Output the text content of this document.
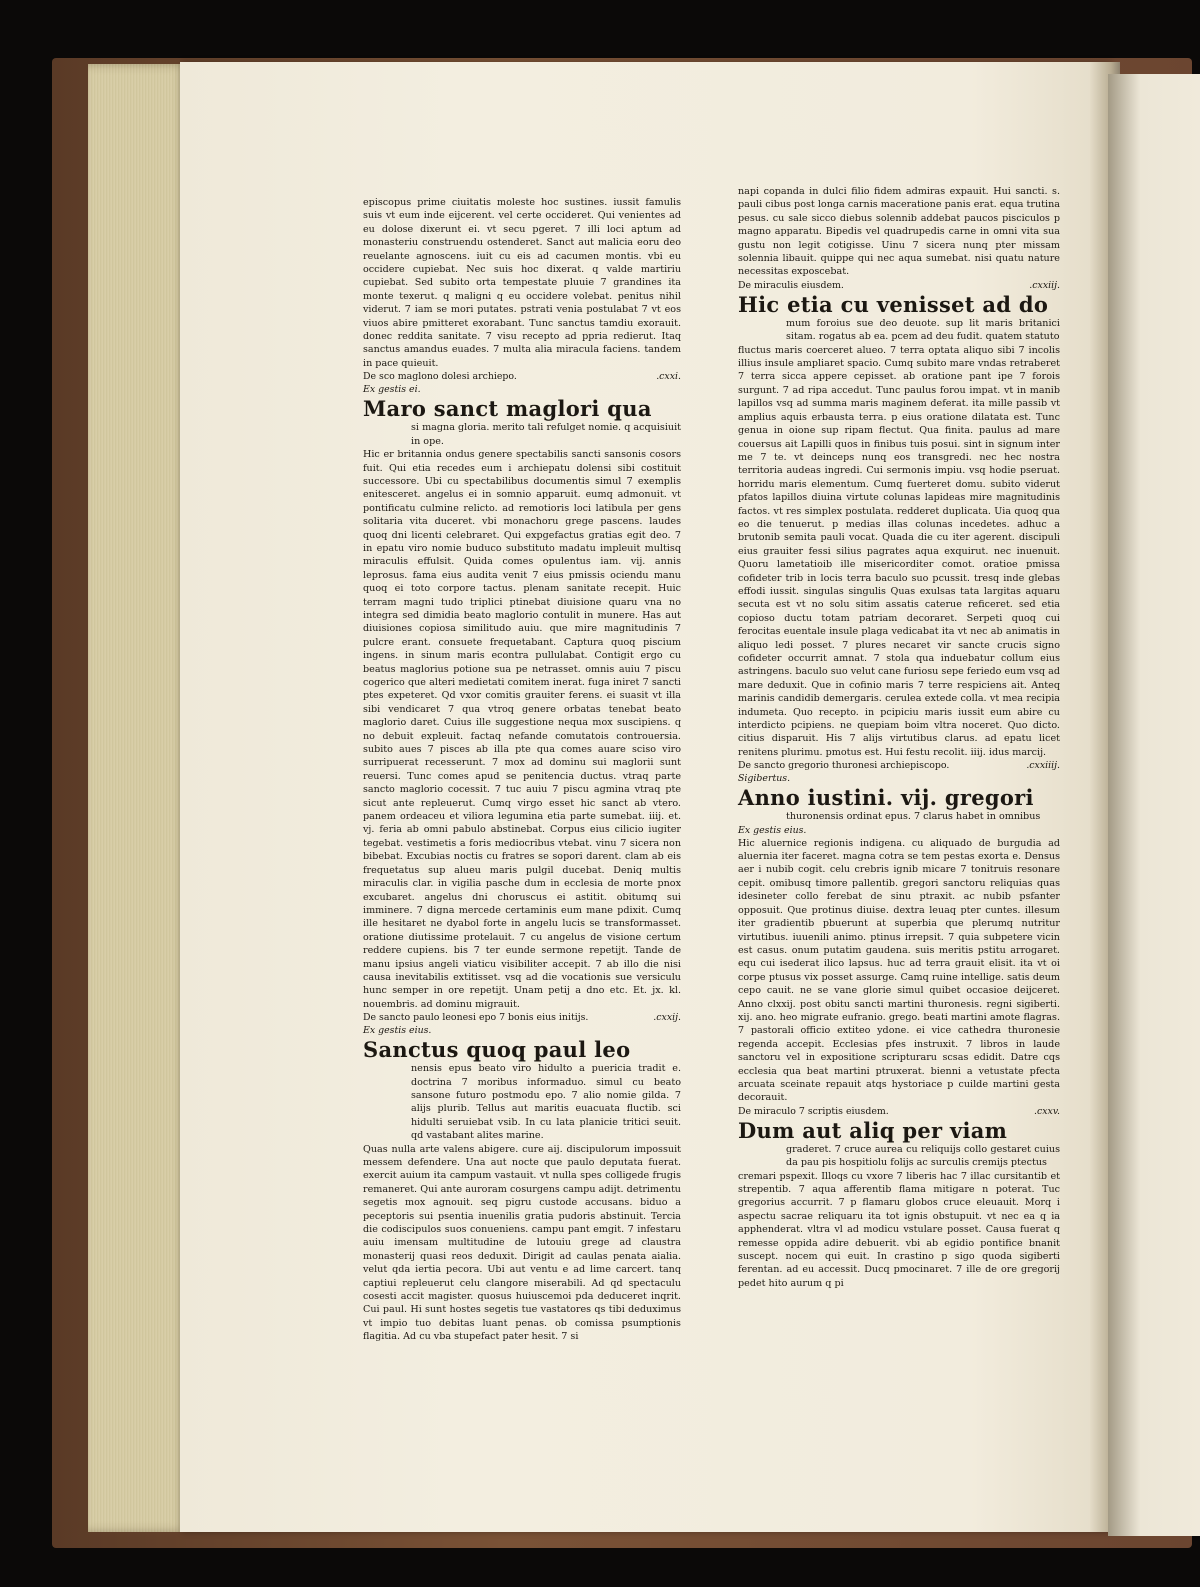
episcopus prime ciuitatis moleste hoc sustines. iussit famulis suis vt eum inde eijcerent. vel certe occideret. Qui venientes ad eu dolose dixerunt ei. vt secu pgeret. 7 illi loci aptum ad monasteriu construendu ostenderet. Sanct aut malicia eoru deo reuelante agnoscens. iuit cu eis ad cacumen montis. vbi eu occidere cupiebat. Nec suis hoc dixerat. q valde martiriu cupiebat. Sed subito orta tempestate pluuie 7 grandines ita monte texerut. q maligni q eu occidere volebat. penitus nihil viderut. 7 iam se mori putates. pstrati venia postulabat 7 vt eos viuos abire pmitteret exorabant. Tunc sanctus tamdiu exorauit. donec reddita sanitate. 7 visu recepto ad ppria redierut. Itaq sanctus amandus euades. 7 multa alia miracula faciens. tandem in pace quieuit.

De sco maglono dolesi archiepo.	.cxxi.

Ex gestis ei.

Maro sanct maglori qua

si magna gloria. merito tali refulget nomie. q acquisiuit in ope.

Hic er britannia ondus genere spectabilis sancti sansonis cosors fuit. Qui etia recedes eum i archiepatu dolensi sibi costituit successore. Ubi cu spectabilibus documentis simul 7 exemplis enitesceret. angelus ei in somnio apparuit. eumq admonuit. vt pontificatu culmine relicto. ad remotioris loci latibula per gens solitaria vita duceret. vbi monachoru grege pascens. laudes quoq dni licenti celebraret. Qui expgefactus gratias egit deo. 7 in epatu viro nomie buduco substituto madatu impleuit multisq miraculis effulsit. Quida comes opulentus iam. vij. annis leprosus. fama eius audita venit 7 eius pmissis ociendu manu quoq ei toto corpore tactus. plenam sanitate recepit. Huic terram magni tudo triplici ptinebat diuisione quaru vna no integra sed dimidia beato maglorio contulit in munere. Has aut diuisiones copiosa similitudo auiu. que mire magnitudinis 7 pulcre erant. consuete frequetabant. Captura quoq piscium ingens. in sinum maris econtra pullulabat. Contigit ergo cu beatus maglorius potione sua pe netrasset. omnis auiu 7 piscu cogerico que alteri medietati comitem inerat. fuga iniret 7 sancti ptes expeteret. Qd vxor comitis grauiter ferens. ei suasit vt illa sibi vendicaret 7 qua vtroq genere orbatas tenebat beato maglorio daret. Cuius ille suggestione nequa mox suscipiens. q no debuit expleuit. factaq nefande comutatois controuersia. subito aues 7 pisces ab illa pte qua comes auare sciso viro surripuerat recesserunt. 7 mox ad dominu sui maglorii sunt reuersi. Tunc comes apud se penitencia ductus. vtraq parte sancto maglorio cocessit. 7 tuc auiu 7 piscu agmina vtraq pte sicut ante repleuerut. Cumq virgo esset hic sanct ab vtero. panem ordeaceu et viliora legumina etia parte sumebat. iiij. et. vj. feria ab omni pabulo abstinebat. Corpus eius cilicio iugiter tegebat. vestimetis a foris mediocribus vtebat. vinu 7 sicera non bibebat. Excubias noctis cu fratres se sopori darent. clam ab eis frequetatus sup alueu maris pulgil ducebat. Deniq multis miraculis clar. in vigilia pasche dum in ecclesia de morte pnox excubaret. angelus dni choruscus ei astitit. obitumq sui imminere. 7 digna mercede certaminis eum mane pdixit. Cumq ille hesitaret ne dyabol forte in angelu lucis se transformasset. oratione diutissime protelauit. 7 cu angelus de visione certum reddere cupiens. bis 7 ter eunde sermone repetijt. Tande de manu ipsius angeli viaticu visibiliter accepit. 7 ab illo die nisi causa inevitabilis extitisset. vsq ad die vocationis sue versiculu hunc semper in ore repetijt. Unam petij a dno etc. Et. jx. kl. nouembris. ad dominu migrauit.

De sancto paulo leonesi epo 7 bonis eius initijs.	.cxxij.

Ex gestis eius.

Sanctus quoq paul leo

nensis epus beato viro hidulto a puericia tradit e. doctrina 7 moribus informaduo. simul cu beato sansone futuro postmodu epo. 7 alio nomie gilda. 7 alijs plurib. Tellus aut maritis euacuata fluctib. sci hidulti seruiebat vsib. In cu lata planicie tritici seuit. qd vastabant alites marine.

Quas nulla arte valens abigere. cure aij. discipulorum impossuit messem defendere. Una aut nocte que paulo deputata fuerat. exercit auium ita campum vastauit. vt nulla spes colligede frugis remaneret. Qui ante auroram cosurgens campu adijt. detrimentu segetis mox agnouit. seq pigru custode accusans. biduo a peceptoris sui psentia inuenilis gratia pudoris abstinuit. Tercia die codiscipulos suos conueniens. campu pant emgit. 7 infestaru auiu imensam multitudine de lutouiu grege ad claustra monasterij quasi reos deduxit. Dirigit ad caulas penata aialia. velut qda iertia pecora. Ubi aut ventu e ad lime carcert. tanq captiui repleuerut celu clangore miserabili. Ad qd spectaculu cosesti accit magister. quosus huiuscemoi pda deduceret inqrit. Cui paul. Hi sunt hostes segetis tue vastatores qs tibi deduximus vt impio tuo debitas luant penas. ob comissa psumptionis flagitia. Ad cu vba stupefact pater hesit. 7 si

napi copanda in dulci filio fidem admiras expauit. Hui sancti. s. pauli cibus post longa carnis maceratione panis erat. equa trutina pesus. cu sale sicco diebus solennib addebat paucos pisciculos p magno apparatu. Bipedis vel quadrupedis carne in omni vita sua gustu non legit cotigisse. Uinu 7 sicera nunq pter missam solennia libauit. quippe qui nec aqua sumebat. nisi quatu nature necessitas exposcebat.

De miraculis eiusdem.	.cxxiij.
Hic etia cu venisset ad do

mum foroius sue deo deuote. sup lit maris britanici sitam. rogatus ab ea. pcem ad deu fudit. quatem statuto

fluctus maris coerceret alueo. 7 terra optata aliquo sibi 7 incolis illius insule ampliaret spacio. Cumq subito mare vndas retraberet 7 terra sicca appere cepisset. ab oratione pant ipe 7 forois surgunt. 7 ad ripa accedut. Tunc paulus forou impat. vt in manib lapillos vsq ad summa maris maginem deferat. ita mille passib vt amplius aquis erbausta terra. p eius oratione dilatata est. Tunc genua in oione sup ripam flectut. Qua finita. paulus ad mare couersus ait Lapilli quos in finibus tuis posui. sint in signum inter me 7 te. vt deinceps nunq eos transgredi. nec hec nostra territoria audeas ingredi. Cui sermonis impiu. vsq hodie pseruat. horridu maris elementum. Cumq fuerteret domu. subito viderut pfatos lapillos diuina virtute colunas lapideas mire magnitudinis factos. vt res simplex postulata. redderet duplicata. Uia quoq qua eo die tenuerut. p medias illas colunas incedetes. adhuc a brutonib semita pauli vocat. Quada die cu iter agerent. discipuli eius grauiter fessi silius pagrates aqua exquirut. nec inuenuit. Quoru lametatioib ille misericorditer comot. oratioe pmissa cofideter trib in locis terra baculo suo pcussit. tresq inde glebas effodi iussit. singulas singulis Quas exulsas tata largitas aquaru secuta est vt no solu sitim assatis caterue reficeret. sed etia copioso ductu totam patriam decoraret. Serpeti quoq cui ferocitas euentale insule plaga vedicabat ita vt nec ab animatis in aliquo ledi posset. 7 plures necaret vir sancte crucis signo cofideter occurrit amnat. 7 stola qua induebatur collum eius astringens. baculo suo velut cane furiosu sepe feriedo eum vsq ad mare deduxit. Que in cofinio maris 7 terre respiciens ait. Anteq marinis candidib demergaris. cerulea extede colla. vt mea recipia indumeta. Quo recepto. in pcipiciu maris iussit eum abire cu interdicto pcipiens. ne quepiam boim vltra noceret. Quo dicto. citius disparuit. His 7 alijs virtutibus clarus. ad epatu licet renitens plurimu. pmotus est. Hui festu recolit. iiij. idus marcij.

De sancto gregorio thuronesi archiepiscopo.	.cxxiiij.

Sigibertus.

Anno iustini. vij. gregori

thuronensis ordinat epus. 7 clarus habet in omnibus

Ex gestis eius.

Hic aluernice regionis indigena. cu aliquado de burgudia ad aluernia iter faceret. magna cotra se tem pestas exorta e. Densus aer i nubib cogit. celu crebris ignib micare 7 tonitruis resonare cepit. omibusq timore pallentib. gregori sanctoru reliquias quas idesineter collo ferebat de sinu ptraxit. ac nubib psfanter opposuit. Que protinus diuise. dextra leuaq pter cuntes. illesum iter gradientib pbuerunt at superbia que plerumq nutritur virtutibus. iuuenili animo. ptinus irrepsit. 7 quia subpetere vicin est casus. onum putatim gaudena. suis meritis pstitu arrogaret. equ cui isederat ilico lapsus. huc ad terra grauit elisit. ita vt oi corpe ptusus vix posset assurge. Camq ruine intellige. satis deum cepo cauit. ne se vane glorie simul quibet occasioe deijceret. Anno clxxij. post obitu sancti martini thuronesis. regni sigiberti. xij. ano. heo migrate eufranio. grego. beati martini amote flagras. 7 pastorali officio extiteo ydone. ei vice cathedra thuronesie regenda accepit. Ecclesias pfes instruxit. 7 libros in laude sanctoru vel in expositione scripturaru scsas edidit. Datre cqs ecclesia qua beat martini ptruxerat. bienni a vetustate pfecta arcuata sceinate repauit atqs hystoriace p cuilde martini gesta decorauit.

De miraculo 7 scriptis eiusdem.	.cxxv.
Dum aut aliq per viam

graderet. 7 cruce aurea cu reliquijs collo gestaret cuius da pau pis hospitiolu folijs ac surculis cremijs ptectus

cremari pspexit. Illoqs cu vxore 7 liberis hac 7 illac cursitantib et strepentib. 7 aqua afferentib flama mitigare n poterat. Tuc gregorius accurrit. 7 p flamaru globos cruce eleuauit. Morq i aspectu sacrae reliquaru ita tot ignis obstupuit. vt nec ea q ia apphenderat. vltra vl ad modicu vstulare posset. Causa fuerat q remesse oppida adire debuerit. vbi ab egidio pontifice bnanit suscept. nocem qui euit. In crastino p sigo quoda sigiberti ferentan. ad eu accessit. Ducq pmocinaret. 7 ille de ore gregorij pedet hito aurum q pi
